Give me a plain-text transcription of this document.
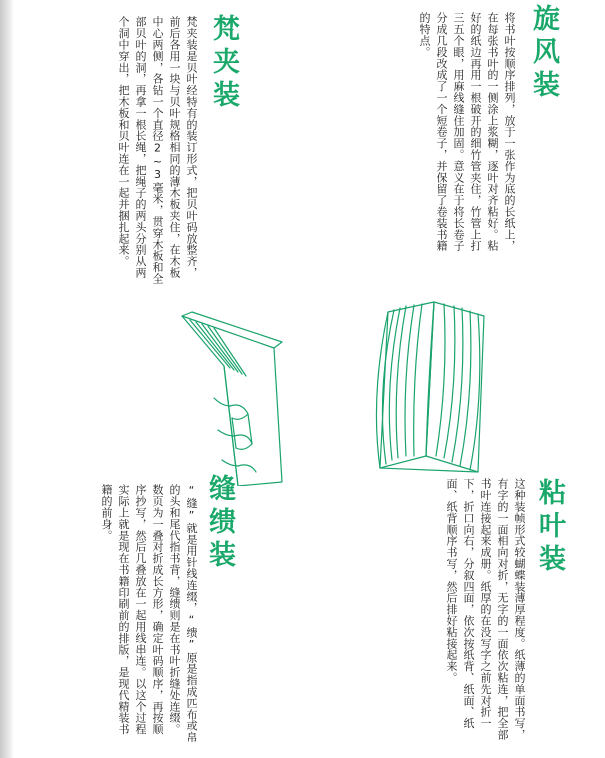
旋风装
将书叶按顺序排列，放于一张作为底的长纸上，在每张书叶的一侧涂上浆糊，逐叶对齐粘好。粘好的纸边再用一根破开的细竹管夹住，竹管上打三五个眼，用麻线缝住加固。意义在于将长卷子分成几段改成了一个短卷子，并保留了卷装书籍的特点。
梵夹装
梵夹装是贝叶经特有的装订形式，把贝叶码放整齐，前后各用一块与贝叶规格相同的薄木板夹住，在木板中心两侧，各钻一个直径2~3毫米，贯穿木板和全部贝叶的洞，再拿一根长绳，把绳子的两头分别从两个洞中穿出，把木板和贝叶连在一起并捆扎起来。
粘叶装
这种装帧形式较蝴蝶装薄厚程度。纸薄的单面书写，有字的一面相向对折，无字的一面依次粘连，把全部书叶连接起来成册。纸厚的在没写字之前先对折一下，折口向右，分叙四面，依次按纸背、纸面、纸面、纸背顺序书写，然后排好粘接起来。
缝缋装
“缝”就是用针线连缀，“缋”原是指成匹布或帛的头和尾代指书背，缝缋则是在书叶折缝处连缀。数页为一叠对折成长方形，确定叶码顺序，再按顺序抄写，然后几叠放在一起用线串连。以这个过程实际上就是现在书籍印刷前的排版，是现代精装书籍的前身。
